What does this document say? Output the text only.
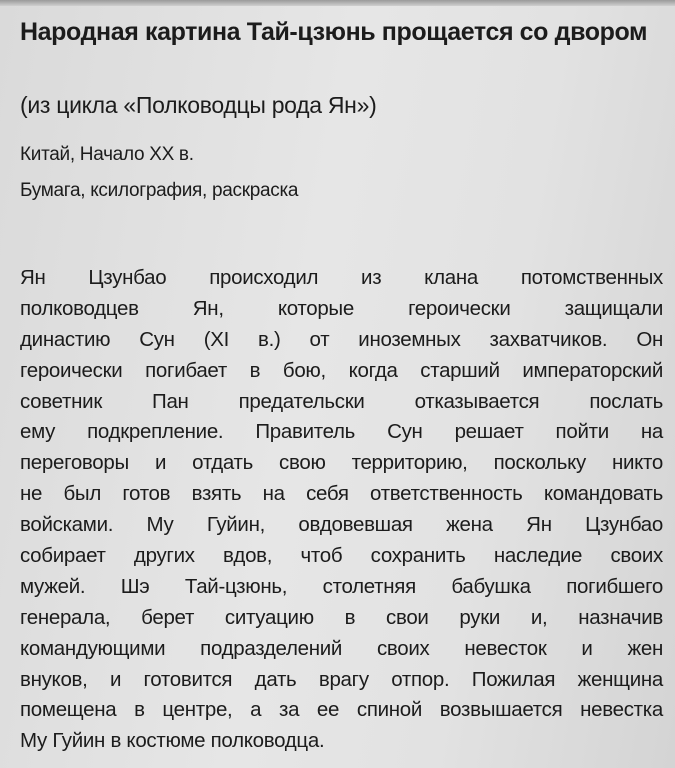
Народная картина Тай-цзюнь прощается со двором
(из цикла «Полководцы рода Ян»)
Китай, Начало XX в.
Бумага, ксилография, раскраска
Ян Цзунбао происходил из клана потомственных
полководцев Ян, которые героически защищали
династию Сун (XI в.) от иноземных захватчиков. Он
героически погибает в бою, когда старший императорский
советник Пан предательски отказывается послать
ему подкрепление. Правитель Сун решает пойти на
переговоры и отдать свою территорию, поскольку никто
не был готов взять на себя ответственность командовать
войсками. Му Гуйин, овдовевшая жена Ян Цзунбао
собирает других вдов, чтоб сохранить наследие своих
мужей. Шэ Тай-цзюнь, столетняя бабушка погибшего
генерала, берет ситуацию в свои руки и, назначив
командующими подразделений своих невесток и жен
внуков, и готовится дать врагу отпор. Пожилая женщина
помещена в центре, а за ее спиной возвышается невестка
Му Гуйин в костюме полководца.
